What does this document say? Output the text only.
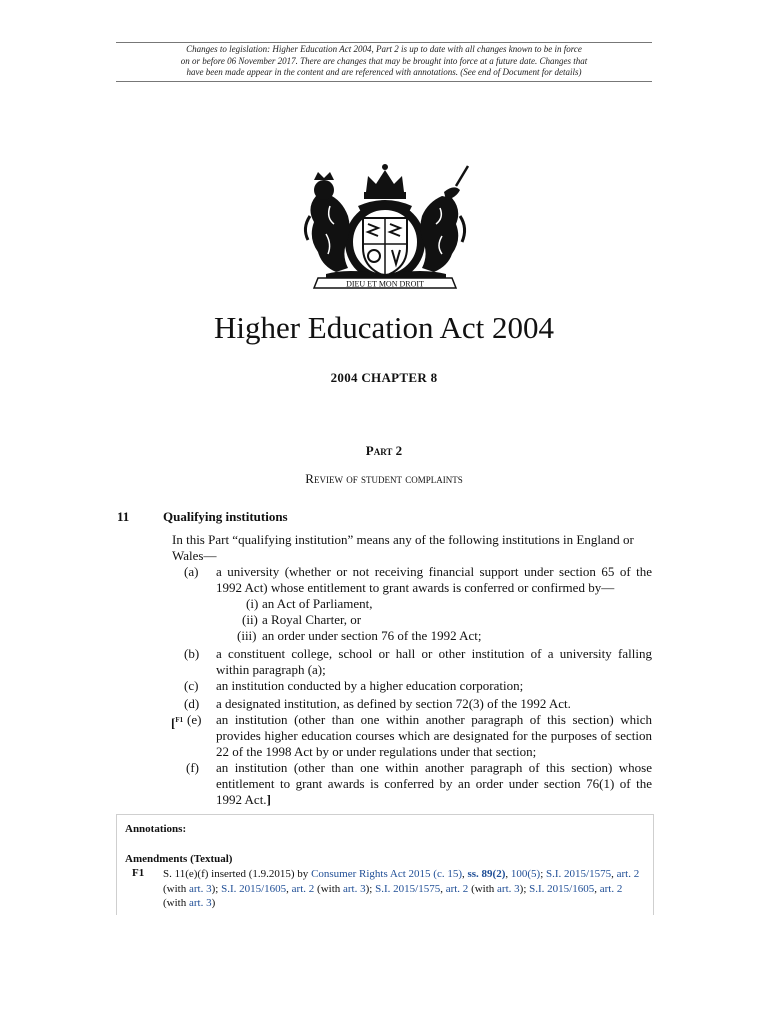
Changes to legislation: Higher Education Act 2004, Part 2 is up to date with all changes known to be in force
on or before 06 November 2017. There are changes that may be brought into force at a future date. Changes that
have been made appear in the content and are referenced with annotations. (See end of Document for details)
DIEU ET MON DROIT
Higher Education Act 2004
2004 CHAPTER 8
Part 2
Review of student complaints
11	Qualifying institutions
In this Part “qualifying institution” means any of the following institutions in England or Wales—
(a)	a university (whether or not receiving financial support under section 65 of the 1992 Act) whose entitlement to grant awards is conferred or confirmed by—
(i) an Act of Parliament,
(ii) a Royal Charter, or
(iii) an order under section 76 of the 1992 Act;
(b)	a constituent college, school or hall or other institution of a university falling within paragraph (a);
(c)	an institution conducted by a higher education corporation;
(d)	a designated institution, as defined by section 72(3) of the 1992 Act.
[$^{F1}$ (e)	an institution (other than one within another paragraph of this section) which provides higher education courses which are designated for the purposes of section 22 of the 1998 Act by or under regulations under that section;
(f)	an institution (other than one within another paragraph of this section) whose entitlement to grant awards is conferred by an order under section 76(1) of the 1992 Act.]
Annotations:
Amendments (Textual)
F1 S. 11(e)(f) inserted (1.9.2015) by Consumer Rights Act 2015 (c. 15), ss. 89(2), 100(5); S.I. 2015/1575, art. 2 (with art. 3); S.I. 2015/1605, art. 2 (with art. 3); S.I. 2015/1575, art. 2 (with art. 3); S.I. 2015/1605, art. 2 (with art. 3)
